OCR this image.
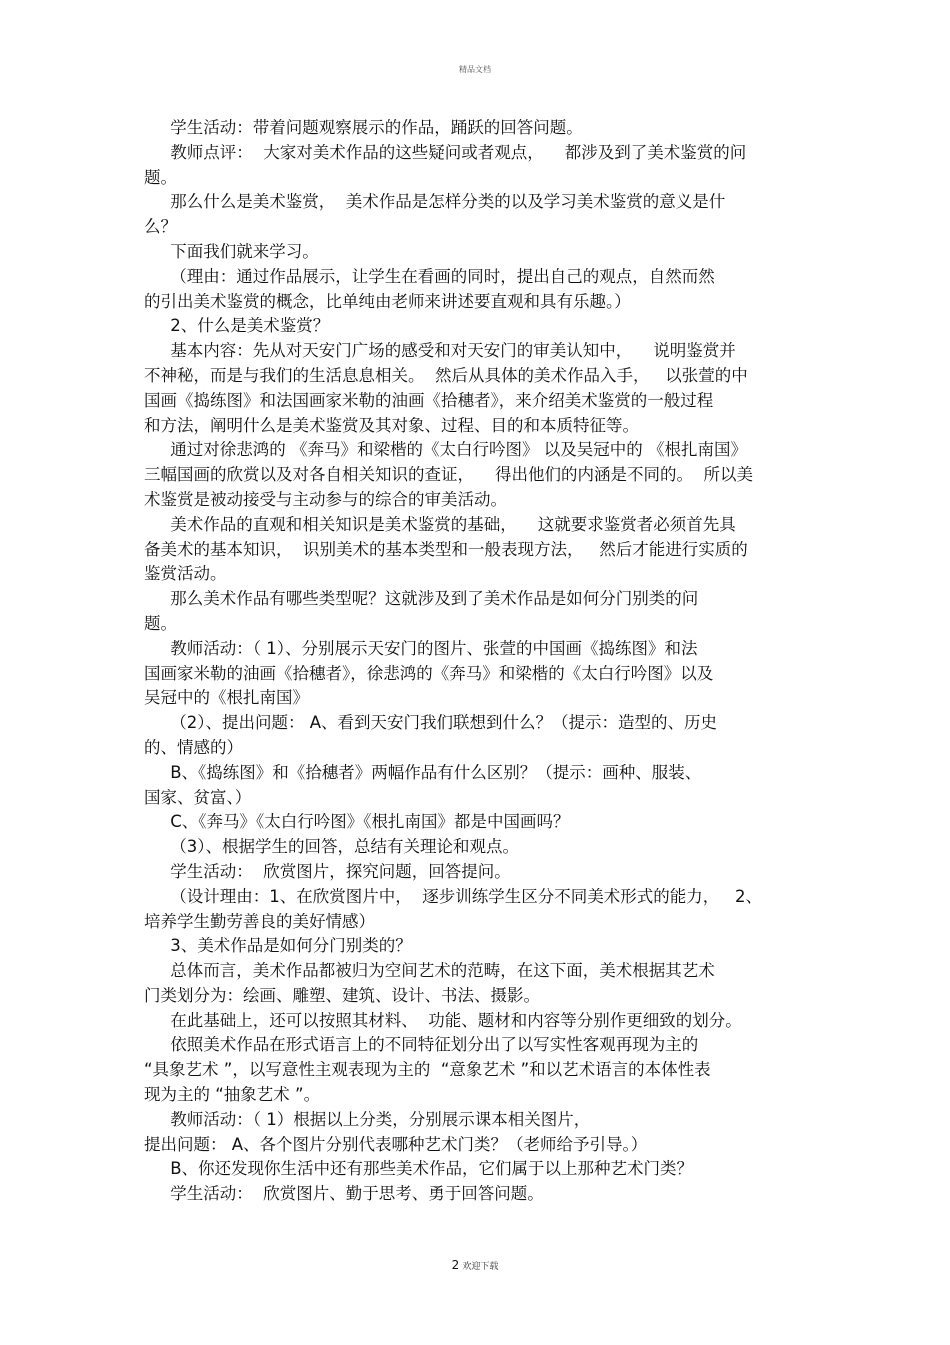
精品文档
学生活动：带着问题观察展示的作品，踊跃的回答问题。
教师点评：  大家对美术作品的这些疑问或者观点，    都涉及到了美术鉴赏的问
题。
那么什么是美术鉴赏，  美术作品是怎样分类的以及学习美术鉴赏的意义是什
么？
下面我们就来学习。
（理由：通过作品展示，让学生在看画的同时，提出自己的观点，自然而然
的引出美术鉴赏的概念，比单纯由老师来讲述要直观和具有乐趣。）
2、什么是美术鉴赏？
基本内容：先从对天安门广场的感受和对天安门的审美认知中，    说明鉴赏并
不神秘，而是与我们的生活息息相关。  然后从具体的美术作品入手，   以张萱的中
国画《捣练图》和法国画家米勒的油画《拾穗者》，来介绍美术鉴赏的一般过程
和方法，阐明什么是美术鉴赏及其对象、过程、目的和本质特征等。
通过对徐悲鸿的 《奔马》和梁楷的《太白行吟图》 以及吴冠中的 《根扎南国》
三幅国画的欣赏以及对各自相关知识的查证，    得出他们的内涵是不同的。  所以美
术鉴赏是被动接受与主动参与的综合的审美活动。
美术作品的直观和相关知识是美术鉴赏的基础，    这就要求鉴赏者必须首先具
备美术的基本知识，  识别美术的基本类型和一般表现方法，   然后才能进行实质的
鉴赏活动。
那么美术作品有哪些类型呢？这就涉及到了美术作品是如何分门别类的问
题。
教师活动：（ 1）、分别展示天安门的图片、张萱的中国画《捣练图》和法
国画家米勒的油画《拾穗者》，徐悲鸿的《奔马》和梁楷的《太白行吟图》以及
吴冠中的《根扎南国》
（2）、提出问题： A、看到天安门我们联想到什么？（提示：造型的、历史
的、情感的）
B、《捣练图》和《拾穗者》两幅作品有什么区别？（提示：画种、服装、
国家、贫富、）
C、《奔马》《太白行吟图》《根扎南国》都是中国画吗？
（3）、根据学生的回答，总结有关理论和观点。
学生活动：  欣赏图片，探究问题，回答提问。
（设计理由：1、在欣赏图片中，  逐步训练学生区分不同美术形式的能力，   2、
培养学生勤劳善良的美好情感）
3、美术作品是如何分门别类的？
总体而言，美术作品都被归为空间艺术的范畴，在这下面，美术根据其艺术
门类划分为：绘画、雕塑、建筑、设计、书法、摄影。
在此基础上，还可以按照其材料、  功能、题材和内容等分别作更细致的划分。
依照美术作品在形式语言上的不同特征划分出了以写实性客观再现为主的
“具象艺术 ”，以写意性主观表现为主的  “意象艺术 ”和以艺术语言的本体性表
现为主的 “抽象艺术 ”。
教师活动：（ 1）根据以上分类，分别展示课本相关图片，
提出问题： A、各个图片分别代表哪种艺术门类？（老师给予引导。）
B、你还发现你生活中还有那些美术作品，它们属于以上那种艺术门类？
学生活动：  欣赏图片、勤于思考、勇于回答问题。
2 欢迎下载
